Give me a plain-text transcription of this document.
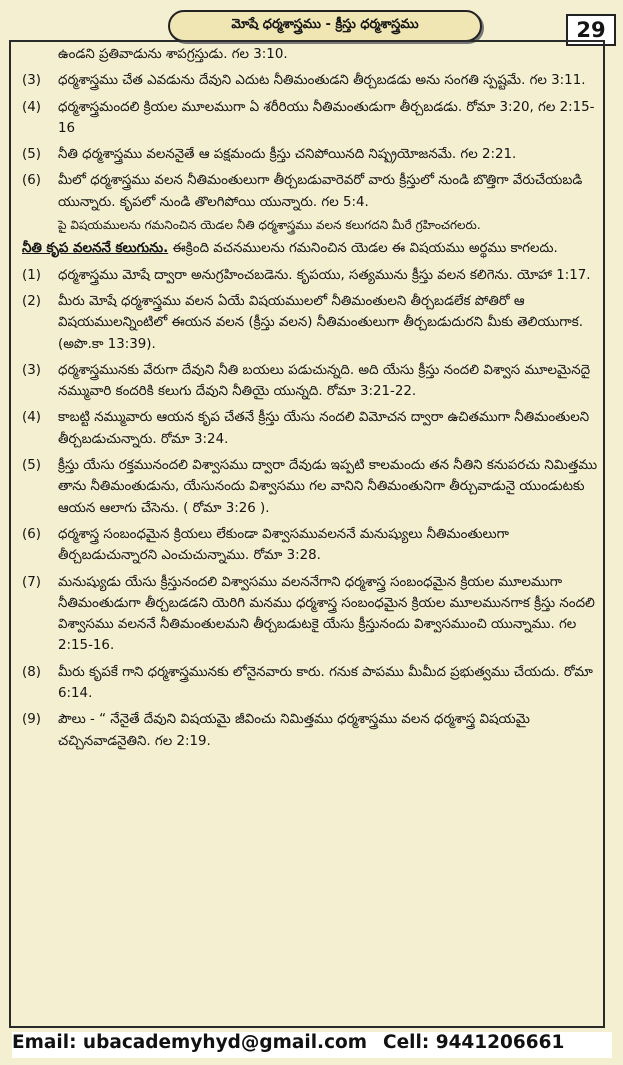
మోషే ధర్మశాస్త్రము - క్రీస్తు ధర్మశాస్త్రము	29

ఉండని ప్రతివాడును శాపగ్రస్తుడు. గల 3:10.

(3) ధర్మశాస్త్రము చేత ఎవడును దేవుని ఎదుట నీతిమంతుడని తీర్చబడడు అను సంగతి స్పష్టమే. గల 3:11.
(4) ధర్మశాస్త్రమందలి క్రియల మూలముగా ఏ శరీరియు నీతిమంతుడుగా తీర్చబడడు. రోమా 3:20, గల 2:15-16
(5) నీతి ధర్మశాస్త్రము వలననైతే ఆ పక్షమందు క్రీస్తు చనిపోయినది నిష్ప్రయోజనమే. గల 2:21.
(6) మీలో ధర్మశాస్త్రము వలన నీతిమంతులుగా తీర్చబడువారెవరో వారు క్రీస్తులో నుండి బొత్తిగా వేరుచేయబడి యున్నారు. కృపలో నుండి తొలగిపోయి యున్నారు. గల 5:4.

పై విషయములను గమనించిన యెడల నీతి ధర్మశాస్త్రము వలన కలుగదని మీరే గ్రహించగలరు.

నీతి కృప వలననే కలుగును. ఈక్రింది వచనములను గమనించిన యెడల ఈ విషయము అర్థము కాగలదు.

(1) ధర్మశాస్త్రము మోషే ద్వారా అనుగ్రహించబడెను. కృపయు, సత్యమును క్రీస్తు వలన కలిగెను. యోహా 1:17.
(2) మీరు మోషే ధర్మశాస్త్రము వలన ఏయే విషయములలో నీతిమంతులని తీర్చబడలేక పోతిరో ఆ విషయములన్నింటిలో ఈయన వలన (క్రీస్తు వలన) నీతిమంతులుగా తీర్చబడుదురని మీకు తెలియుగాక. (అపొ.కా 13:39).
(3) ధర్మశాస్త్రమునకు వేరుగా దేవుని నీతి బయలు పడుచున్నది. అది యేసు క్రీస్తు నందలి విశ్వాస మూలమైనదై నమ్మువారి కందరికి కలుగు దేవుని నీతియై యున్నది. రోమా 3:21-22.
(4) కాబట్టి నమ్మువారు ఆయన కృప చేతనే క్రీస్తు యేసు నందలి విమోచన ద్వారా ఉచితముగా నీతిమంతులని తీర్చబడుచున్నారు. రోమా 3:24.
(5) క్రీస్తు యేసు రక్తమునందలి విశ్వాసము ద్వారా దేవుడు ఇప్పటి కాలమందు తన నీతిని కనుపరచు నిమిత్తము తాను నీతిమంతుడును, యేసునందు విశ్వాసము గల వానిని నీతిమంతునిగా తీర్చువాడునై యుండుటకు ఆయన ఆలాగు చేసెను. ( రోమా 3:26 ).
(6) ధర్మశాస్త్ర సంబంధమైన క్రియలు లేకుండా విశ్వాసమువలననే మనుష్యులు నీతిమంతులుగా తీర్చబడుచున్నారని ఎంచుచున్నాము. రోమా 3:28.
(7) మనుష్యుడు యేసు క్రీస్తునందలి విశ్వాసము వలననేగాని ధర్మశాస్త్ర సంబంధమైన క్రియల మూలముగా నీతిమంతుడుగా తీర్చబడడని యెరిగి మనము ధర్మశాస్త్ర సంబంధమైన క్రియల మూలమునగాక క్రీస్తు నందలి విశ్వాసము వలననే నీతిమంతులమని తీర్చబడుటకై యేసు క్రీస్తునందు విశ్వాసముంచి యున్నాము. గల 2:15-16.
(8) మీరు కృపకే గాని ధర్మశాస్త్రమునకు లోనైనవారు కారు. గనుక పాపము మీమీద ప్రభుత్వము చేయదు. రోమా 6:14.
(9) పౌలు - “ నేనైతే దేవుని విషయమై జీవించు నిమిత్తము ధర్మశాస్త్రము వలన ధర్మశాస్త్ర విషయమై చచ్చినవాడనైతిని. గల 2:19.
Email: ubacademyhyd@gmail.com Cell: 9441206661
